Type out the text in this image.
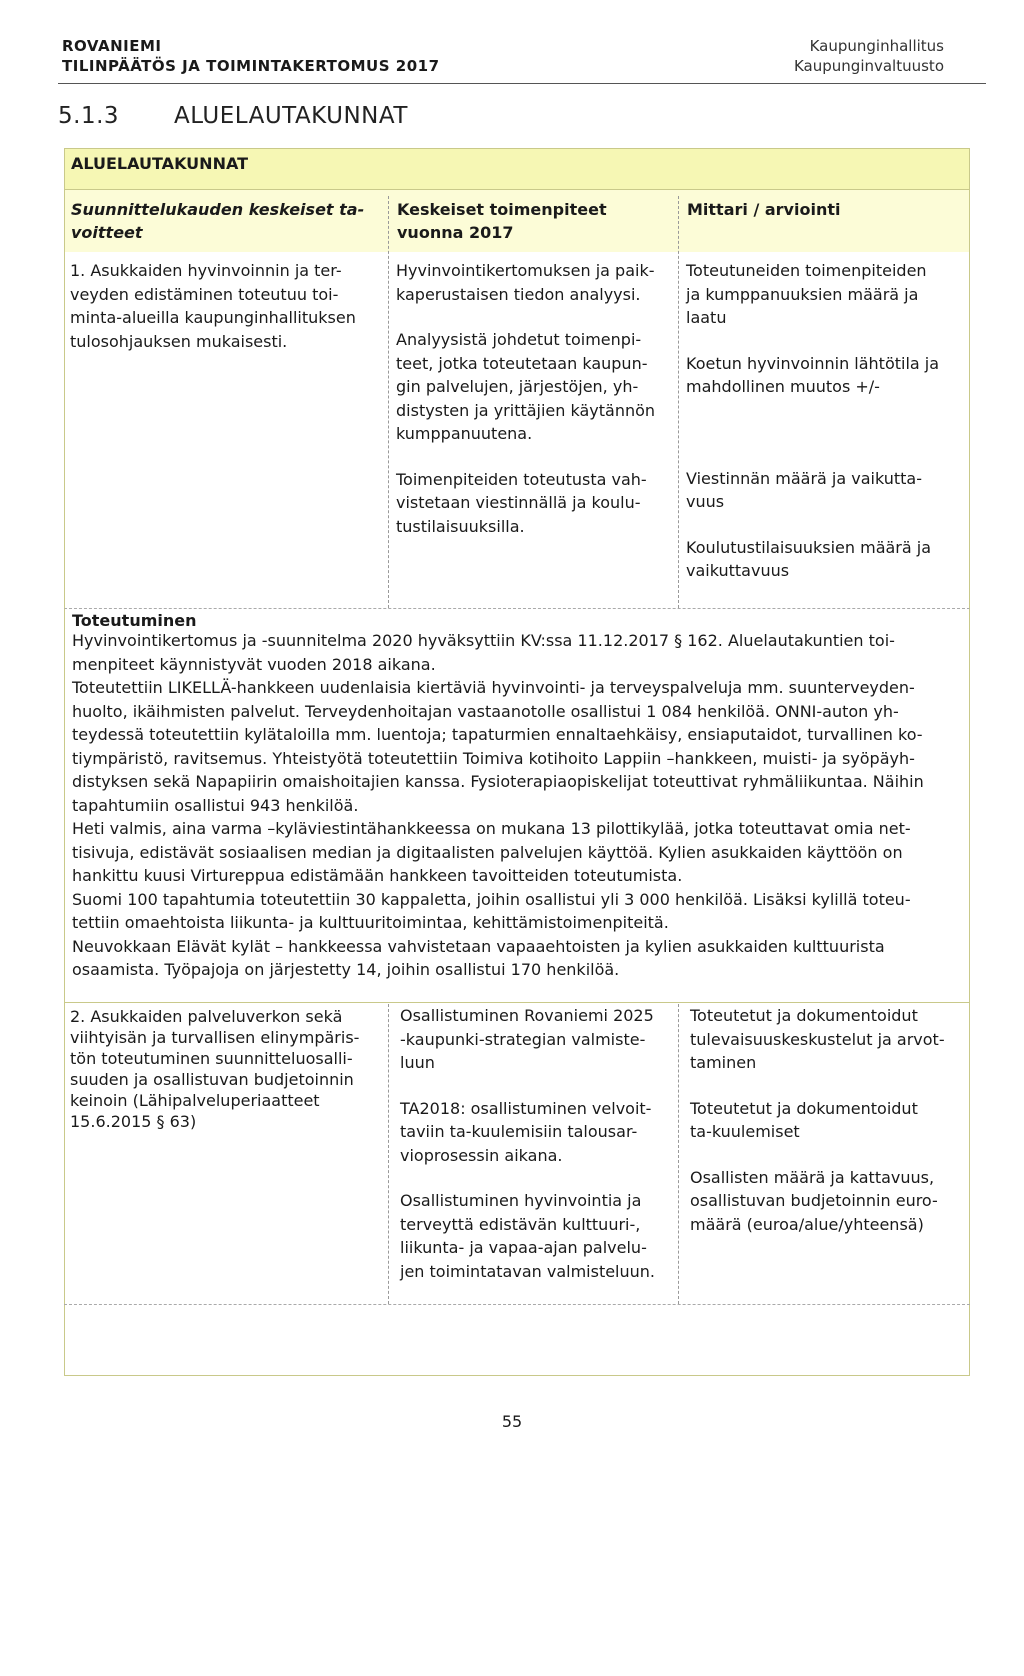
ROVANIEMI
TILINPÄÄTÖS JA TOIMINTAKERTOMUS 2017
Kaupunginhallitus
Kaupunginvaltuusto
5.1.3 ALUELAUTAKUNNAT
ALUELAUTAKUNNAT
Suunnittelukauden keskeiset ta-
voitteet
Keskeiset toimenpiteet
vuonna 2017
Mittari / arviointi
1. Asukkaiden hyvinvoinnin ja ter-
veyden edistäminen toteutuu toi-
minta-alueilla kaupunginhallituksen
tulosohjauksen mukaisesti.
Hyvinvointikertomuksen ja paik-
kaperustaisen tiedon analyysi.
Analyysistä johdetut toimenpi-
teet, jotka toteutetaan kaupun-
gin palvelujen, järjestöjen, yh-
distysten ja yrittäjien käytännön
kumppanuutena.
Toimenpiteiden toteutusta vah-
vistetaan viestinnällä ja koulu-
tustilaisuuksilla.
Toteutuneiden toimenpiteiden
ja kumppanuuksien määrä ja
laatu
Koetun hyvinvoinnin lähtötila ja
mahdollinen muutos +/-
Viestinnän määrä ja vaikutta-
vuus
Koulutustilaisuuksien määrä ja
vaikuttavuus
Toteutuminen

Hyvinvointikertomus ja -suunnitelma 2020 hyväksyttiin KV:ssa 11.12.2017 § 162. Aluelautakuntien toi-

menpiteet käynnistyvät vuoden 2018 aikana.

Toteutettiin LIKELLÄ-hankkeen uudenlaisia kiertäviä hyvinvointi- ja terveyspalveluja mm. suunterveyden-

huolto, ikäihmisten palvelut. Terveydenhoitajan vastaanotolle osallistui 1 084 henkilöä. ONNI-auton yh-

teydessä toteutettiin kylätaloilla mm. luentoja; tapaturmien ennaltaehkäisy, ensiaputaidot, turvallinen ko-

tiympäristö, ravitsemus. Yhteistyötä toteutettiin Toimiva kotihoito Lappiin –hankkeen, muisti- ja syöpäyh-

distyksen sekä Napapiirin omaishoitajien kanssa. Fysioterapiaopiskelijat toteuttivat ryhmäliikuntaa. Näihin

tapahtumiin osallistui 943 henkilöä.

Heti valmis, aina varma –kyläviestintähankkeessa on mukana 13 pilottikylää, jotka toteuttavat omia net-

tisivuja, edistävät sosiaalisen median ja digitaalisten palvelujen käyttöä. Kylien asukkaiden käyttöön on

hankittu kuusi Virtureppua edistämään hankkeen tavoitteiden toteutumista.

Suomi 100 tapahtumia toteutettiin 30 kappaletta, joihin osallistui yli 3 000 henkilöä. Lisäksi kylillä toteu-

tettiin omaehtoista liikunta- ja kulttuuritoimintaa, kehittämistoimenpiteitä.

Neuvokkaan Elävät kylät – hankkeessa vahvistetaan vapaaehtoisten ja kylien asukkaiden kulttuurista

osaamista. Työpajoja on järjestetty 14, joihin osallistui 170 henkilöä.

2. Asukkaiden palveluverkon sekä
viihtyisän ja turvallisen elinympäris-
tön toteutuminen suunnitteluosalli-
suuden ja osallistuvan budjetoinnin
keinoin (Lähipalveluperiaatteet
15.6.2015 § 63)
Osallistuminen Rovaniemi 2025
-kaupunki-strategian valmiste-
luun
TA2018: osallistuminen velvoit-
taviin ta-kuulemisiin talousar-
vioprosessin aikana.
Osallistuminen hyvinvointia ja
terveyttä edistävän kulttuuri-,
liikunta- ja vapaa-ajan palvelu-
jen toimintatavan valmisteluun.
Toteutetut ja dokumentoidut
tulevaisuuskeskustelut ja arvot-
taminen
Toteutetut ja dokumentoidut
ta-kuulemiset
Osallisten määrä ja kattavuus,
osallistuvan budjetoinnin euro-
määrä (euroa/alue/yhteensä)
55
